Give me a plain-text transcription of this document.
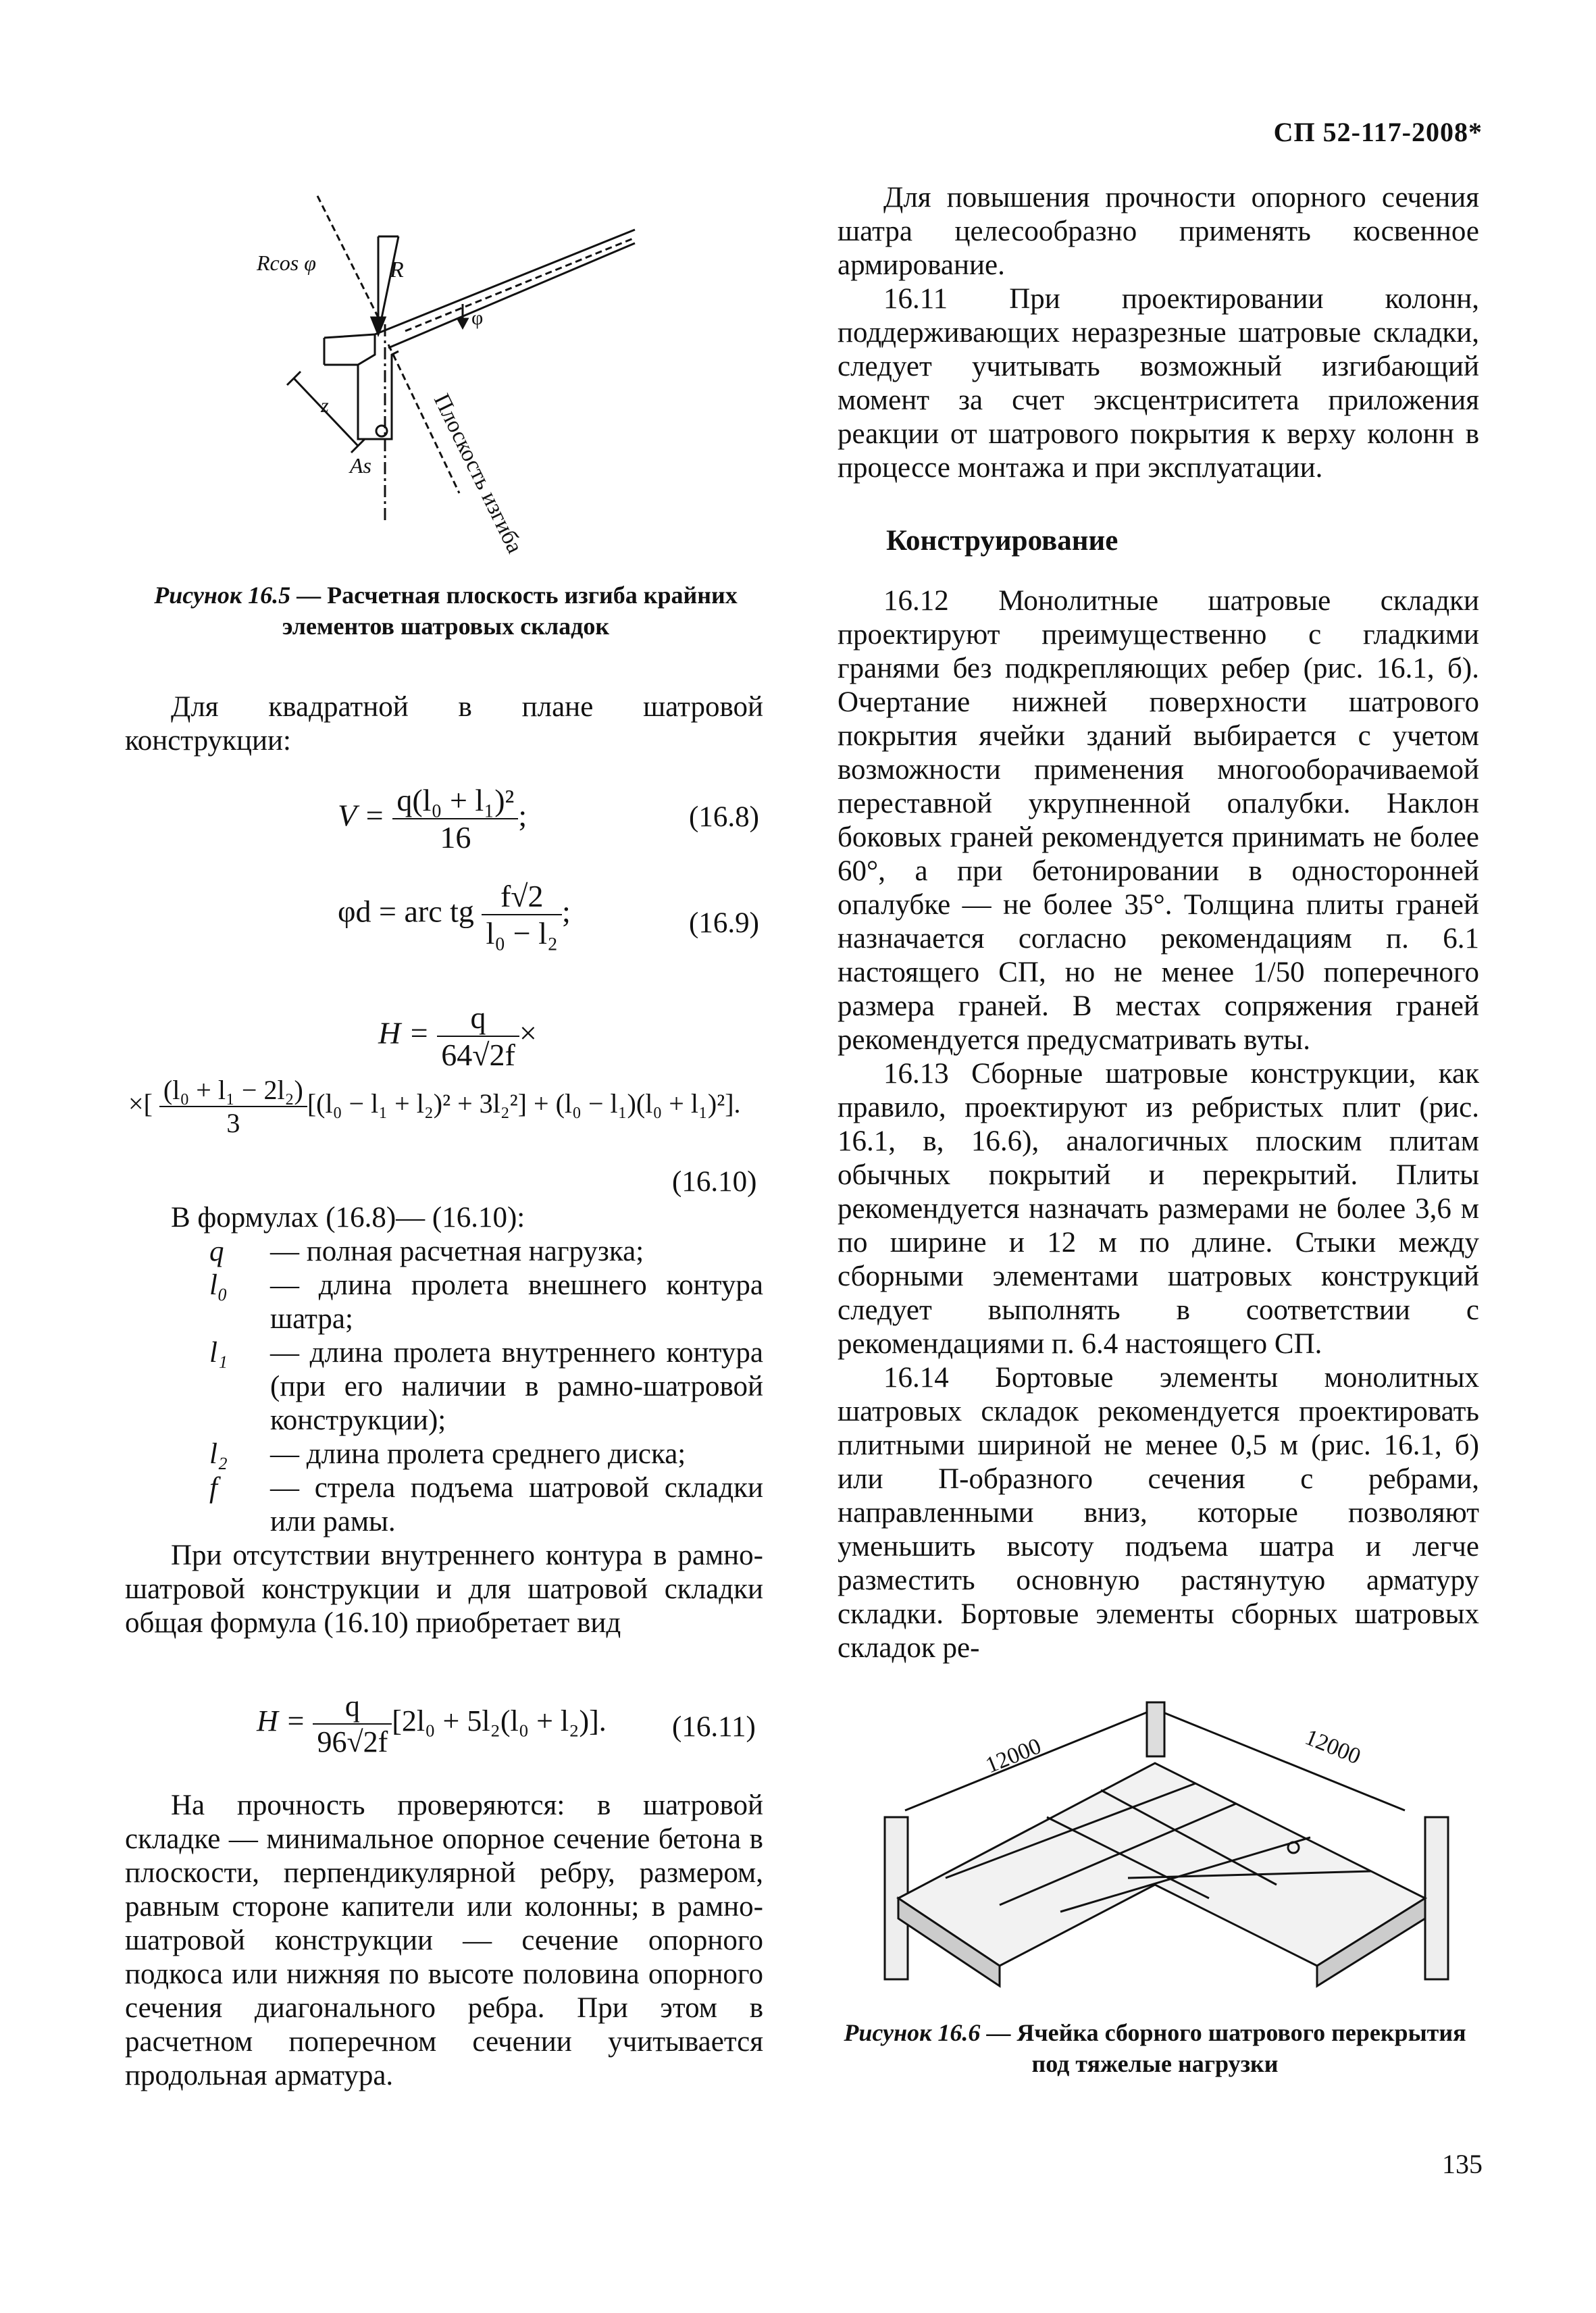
СП 52-117-2008*
Rcos φ	R
φ
z
As Плоскость изгиба
Рисунок 16.5 — Расчетная плоскость изгиба крайних элементов шатровых складок

Для квадратной в плане шатровой конструкции:

$V = \frac{\text{q(l₀ + l₁)²}}{16}$ ;	(16.8)
φd = arc tg $\frac{f√2}{\text{l₀ − l₂}}$ ;	(16.9)
$H = \frac{q}{64√2f}$ ×
×[ $\frac{\text{(l₀ + l₁ − 2l₂)}}{3} [(l_0 - l_1 + l_2)^2 + 3l_2^2] + (l_0 - l_1)(l_0 + l_1)^2$].
(16.10)

В формулах (16.8)— (16.10):

q — полная расчетная нагрузка;
l₀ — длина пролета внешнего контура шатра;
l₁ — длина пролета внутреннего контура (при его наличии в рамно-шатровой конструкции);
l₂ — длина пролета среднего диска;
f — стрела подъема шатровой складки или рамы.

При отсутствии внутреннего контура в рамно-шатровой конструкции и для шатровой складки общая формула (16.10) приобретает вид

$H = \frac{q}{96√2f} [2l_0 + 5l_2(l_0 + l_2)]$. (16.11)

На прочность проверяются: в шатровой складке — минимальное опорное сечение бетона в плоскости, перпендикулярной ребру, размером, равным стороне капители или колонны; в рамно-шатровой конструкции — сечение опорного подкоса или нижняя по высоте половина опорного сечения диагонального ребра. При этом в расчетном поперечном сечении учитывается продольная арматура.

Для повышения прочности опорного сечения шатра целесообразно применять косвенное армирование.

16.11 При проектировании колонн, поддерживающих неразрезные шатровые складки, следует учитывать возможный изгибающий момент за счет эксцентриситета приложения реакции от шатрового покрытия к верху колонн в процессе монтажа и при эксплуатации.

Конструирование

16.12 Монолитные шатровые складки проектируют преимущественно с гладкими гранями без подкрепляющих ребер (рис. 16.1, б). Очертание нижней поверхности шатрового покрытия ячейки зданий выбирается с учетом возможности применения многооборачиваемой переставной укрупненной опалубки. Наклон боковых граней рекомендуется принимать не более 60°, а при бетонировании в односторонней опалубке — не более 35°. Толщина плиты граней назначается согласно рекомендациям п. 6.1 настоящего СП, но не менее 1/50 поперечного размера граней. В местах сопряжения граней рекомендуется предусматривать вуты.

16.13 Сборные шатровые конструкции, как правило, проектируют из ребристых плит (рис. 16.1, в, 16.6), аналогичных плоским плитам обычных покрытий и перекрытий. Плиты рекомендуется назначать размерами не более 3,6 м по ширине и 12 м по длине. Стыки между сборными элементами шатровых конструкций следует выполнять в соответствии с рекомендациями п. 6.4 настоящего СП.

16.14 Бортовые элементы монолитных шатровых складок рекомендуется проектировать плитными шириной не менее 0,5 м (рис. 16.1, б) или П-образного сечения с ребрами, направленными вниз, которые позволяют уменьшить высоту подъема шатра и легче разместить основную растянутую арматуру складки. Бортовые элементы сборных шатровых складок ре-

12000	12000
Рисунок 16.6 — Ячейка сборного шатрового перекрытия под тяжелые нагрузки
135
